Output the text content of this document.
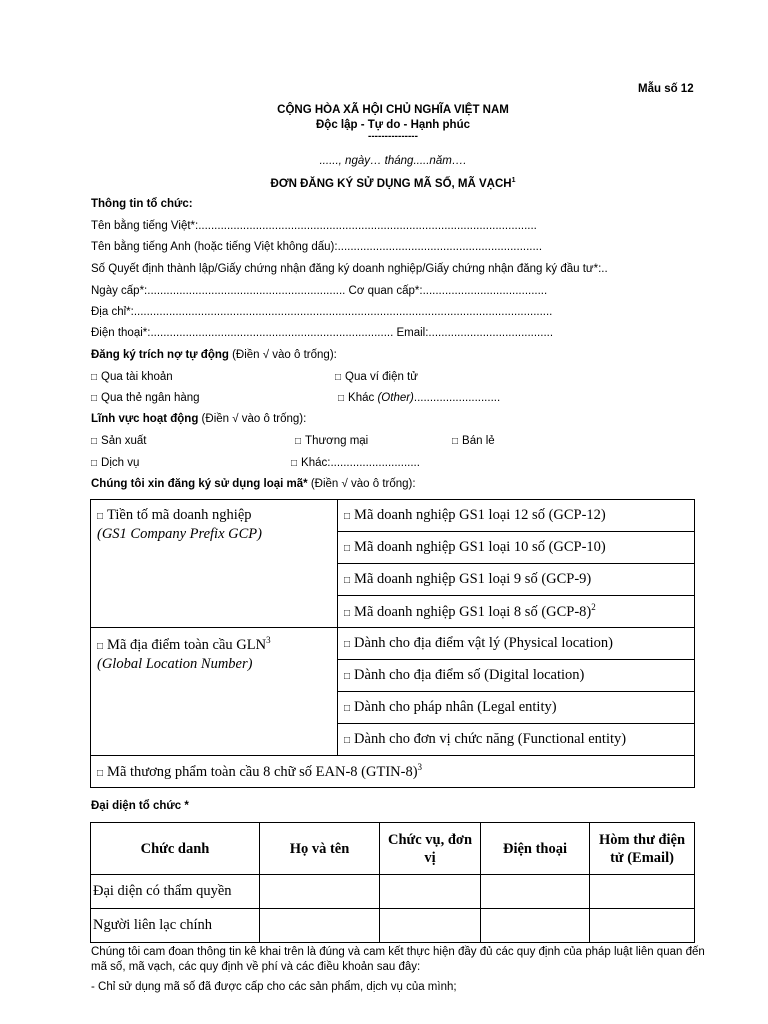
Mẫu số 12
CỘNG HÒA XÃ HỘI CHỦ NGHĨA VIỆT NAM
Độc lập - Tự do - Hạnh phúc
---------------
......, ngày… tháng.....năm….
ĐƠN ĐĂNG KÝ SỬ DỤNG MÃ SỐ, MÃ VẠCH$^1$
Thông tin tổ chức:
Tên bằng tiếng Việt*:..........................................................................................................
Tên bằng tiếng Anh (hoặc tiếng Việt không dấu):................................................................
Số Quyết định thành lập/Giấy chứng nhận đăng ký doanh nghiệp/Giấy chứng nhận đăng ký đầu tư*:..
Ngày cấp*:.............................................................. Cơ quan cấp*:.......................................
Địa chỉ*:...................................................................................................................................
Điện thoại*:............................................................................ Email:.......................................
Đăng ký trích nợ tự động (Điền √ vào ô trống):
□ Qua tài khoản	□ Qua ví điện tử
□ Qua thẻ ngân hàng	□ Khác (Other)...........................
Lĩnh vực hoạt động (Điền √ vào ô trống):
□ Sản xuất	□ Thương mại	□ Bán lẻ
□ Dịch vụ	□ Khác:............................
Chúng tôi xin đăng ký sử dụng loại mã* (Điền √ vào ô trống):
□ Tiền tố mã doanh nghiệp
(GS1 Company Prefix GCP)	□ Mã doanh nghiệp GS1 loại 12 số (GCP-12)
	□ Mã doanh nghiệp GS1 loại 10 số (GCP-10)
	□ Mã doanh nghiệp GS1 loại 9 số (GCP-9)
	□ Mã doanh nghiệp GS1 loại 8 số $(GCP-8)^2$

□ Mã địa điểm toàn cầu GLN$^3$
(Global Location Number)	□ Dành cho địa điểm vật lý (Physical location)
	□ Dành cho địa điểm số (Digital location)
	□ Dành cho pháp nhân (Legal entity)
	□ Dành cho đơn vị chức năng (Functional entity)
□ Mã thương phẩm toàn cầu 8 chữ số EAN-8 (GTIN-8)$^3$
Đại diện tổ chức *
Chức danh	Họ và tên	Chức vụ, đơn vị	Điện thoại	Hòm thư điện tử (Email)
Đại diện có thẩm quyền				
Người liên lạc chính				
Chúng tôi cam đoan thông tin kê khai trên là đúng và cam kết thực hiện đầy đủ các quy định của pháp luật liên quan đến mã số, mã vạch, các quy định về phí và các điều khoản sau đây:
- Chỉ sử dụng mã số đã được cấp cho các sản phẩm, dịch vụ của mình;
